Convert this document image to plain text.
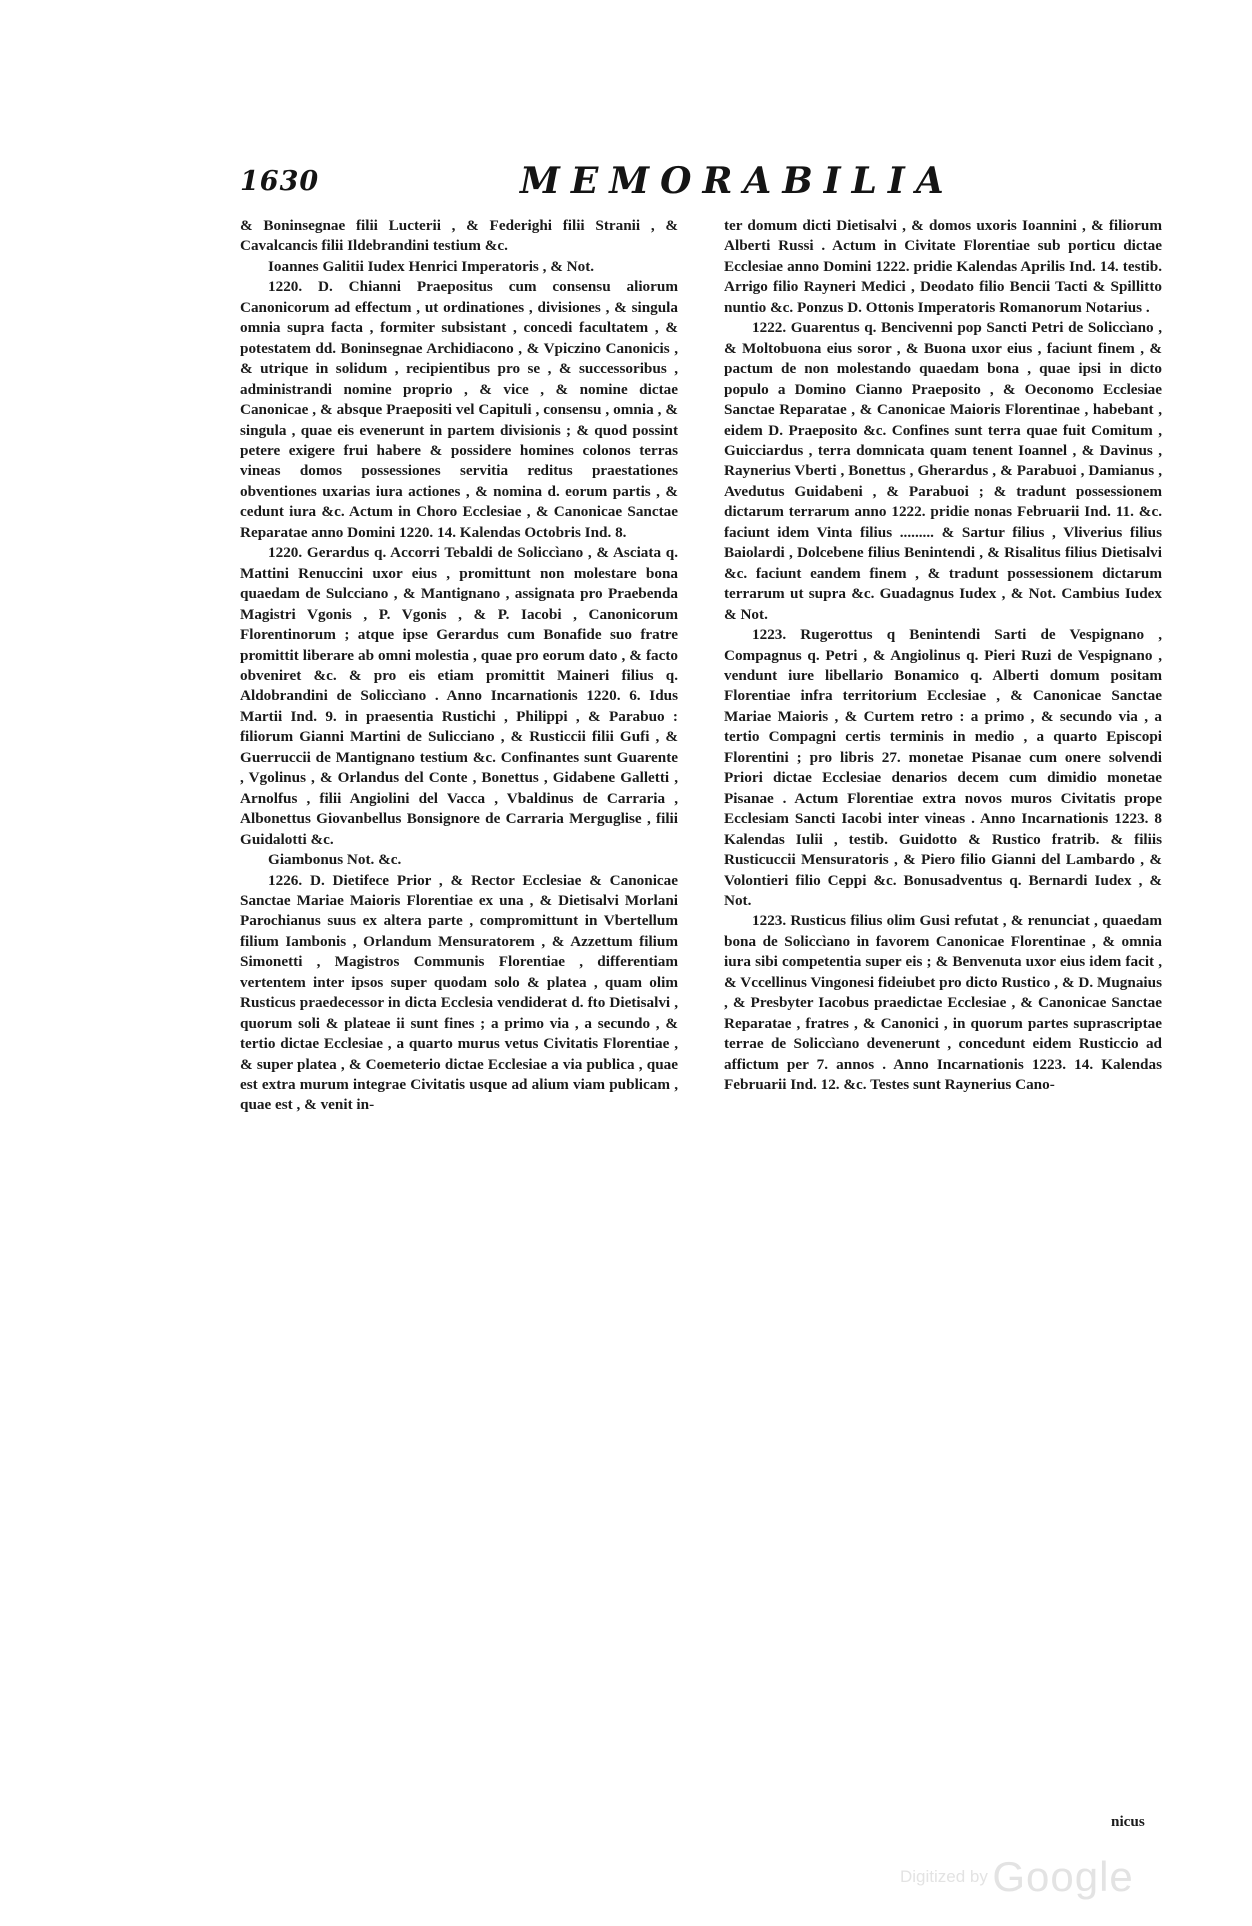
1630	MEMORABILIA

& Boninsegnae filii Lucterii , & Federighi filii Stranii , & Cavalcancis filii Ildebrandini testium &c.

Ioannes Galitii Iudex Henrici Imperatoris , & Not.

1220. D. Chianni Praepositus cum consensu aliorum Canonicorum ad effectum , ut ordinationes , divisiones , & singula omnia supra facta , formiter subsistant , concedi facultatem , & potestatem dd. Boninsegnae Archidiacono , & Vpiczino Canonicis , & utrique in solidum , recipientibus pro se , & successoribus , administrandi nomine proprio , & vice , & nomine dictae Canonicae , & absque Praepositi vel Capituli , consensu , omnia , & singula , quae eis evenerunt in partem divisionis ; & quod possint petere exigere frui habere & possidere homines colonos terras vineas domos possessiones servitia reditus praestationes obventiones uxarias iura actiones , & nomina d. eorum partis , & cedunt iura &c. Actum in Choro Ecclesiae , & Canonicae Sanctae Reparatae anno Domini 1220. 14. Kalendas Octobris Ind. 8.

1220. Gerardus q. Accorri Tebaldi de Soliccìano , & Asciata q. Mattini Renuccini uxor eius , promittunt non molestare bona quaedam de Sulcciano , & Mantignano , assignata pro Praebenda Magistri Vgonis , P. Vgonis , & P. Iacobi , Canonicorum Florentinorum ; atque ipse Gerardus cum Bonafide suo fratre promittit liberare ab omni molestia , quae pro eorum dato , & facto obveniret &c. & pro eis etiam promittit Maineri filius q. Aldobrandini de Soliccìano . Anno Incarnationis 1220. 6. Idus Martii Ind. 9. in praesentia Rustichi , Philippi , & Parabuo : filiorum Gianni Martini de Sulicciano , & Rusticcii filii Gufi , & Guerruccii de Mantignano testium &c. Confinantes sunt Guarente , Vgolinus , & Orlandus del Conte , Bonettus , Gidabene Galletti , Arnolfus , filii Angiolini del Vacca , Vbaldinus de Carraria , Albonettus Giovanbellus Bonsignore de Carraria Merguglise , filii Guidalotti &c.

Giambonus Not. &c.

1226. D. Dietifece Prior , & Rector Ecclesiae & Canonicae Sanctae Mariae Maioris Florentiae ex una , & Dietisalvi Morlani Parochianus suus ex altera parte , compromittunt in Vbertellum filium Iambonis , Orlandum Mensuratorem , & Azzettum filium Simonetti , Magistros Communis Florentiae , differentiam vertentem inter ipsos super quodam solo & platea , quam olim Rusticus praedecessor in dicta Ecclesia vendiderat d. fto Dietisalvi , quorum soli & plateae ii sunt fines ; a primo via , a secundo , & tertio dictae Ecclesiae , a quarto murus vetus Civitatis Florentiae , & super platea , & Coemeterio dictae Ecclesiae a via publica , quae est extra murum integrae Civitatis usque ad alium viam publicam , quae est , & venit in-

ter domum dicti Dietisalvi , & domos uxoris Ioannini , & filiorum Alberti Russi . Actum in Civitate Florentiae sub porticu dictae Ecclesiae anno Domini 1222. pridie Kalendas Aprilis Ind. 14. testib. Arrigo filio Rayneri Medici , Deodato filio Bencii Tacti & Spillitto nuntio &c. Ponzus D. Ottonis Imperatoris Romanorum Notarius .

1222. Guarentus q. Bencivenni pop Sancti Petri de Soliccìano , & Moltobuona eius soror , & Buona uxor eius , faciunt finem , & pactum de non molestando quaedam bona , quae ipsi in dicto populo a Domino Cianno Praeposito , & Oeconomo Ecclesiae Sanctae Reparatae , & Canonicae Maioris Florentinae , habebant , eidem D. Praeposito &c. Confines sunt terra quae fuit Comitum , Guicciardus , terra domnicata quam tenent Ioannel , & Davinus , Raynerius Vberti , Bonettus , Gherardus , & Parabuoi , Damianus , Avedutus Guidabeni , & Parabuoi ; & tradunt possessionem dictarum terrarum anno 1222. pridie nonas Februarii Ind. 11. &c. faciunt idem Vinta filius ......... & Sartur filius , Vliverius filius Baiolardi , Dolcebene filius Benintendi , & Risalitus filius Dietisalvi &c. faciunt eandem finem , & tradunt possessionem dictarum terrarum ut supra &c. Guadagnus Iudex , & Not. Cambius Iudex & Not.

1223. Rugerottus q Benintendi Sarti de Vespignano , Compagnus q. Petri , & Angiolinus q. Pieri Ruzi de Vespignano , vendunt iure libellario Bonamico q. Alberti domum positam Florentiae infra territorium Ecclesiae , & Canonicae Sanctae Mariae Maioris , & Curtem retro : a primo , & secundo via , a tertio Compagni certis terminis in medio , a quarto Episcopi Florentini ; pro libris 27. monetae Pisanae cum onere solvendi Priori dictae Ecclesiae denarios decem cum dimidio monetae Pisanae . Actum Florentiae extra novos muros Civitatis prope Ecclesiam Sancti Iacobi inter vineas . Anno Incarnationis 1223. 8 Kalendas Iulii , testib. Guidotto & Rustico fratrib. & filiis Rusticuccii Mensuratoris , & Piero filio Gianni del Lambardo , & Volontieri filio Ceppi &c. Bonusadventus q. Bernardi Iudex , & Not.

1223. Rusticus filius olim Gusi refutat , & renunciat , quaedam bona de Soliccìano in favorem Canonicae Florentinae , & omnia iura sibi competentia super eis ; & Benvenuta uxor eius idem facit , & Vccellinus Vingonesi fideiubet pro dicto Rustico , & D. Mugnaius , & Presbyter Iacobus praedictae Ecclesiae , & Canonicae Sanctae Reparatae , fratres , & Canonici , in quorum partes suprascriptae terrae de Soliccìano devenerunt , concedunt eidem Rusticcio ad affictum per 7. annos . Anno Incarnationis 1223. 14. Kalendas Februarii Ind. 12. &c. Testes sunt Raynerius Cano-

nicus
Digitized by Google
